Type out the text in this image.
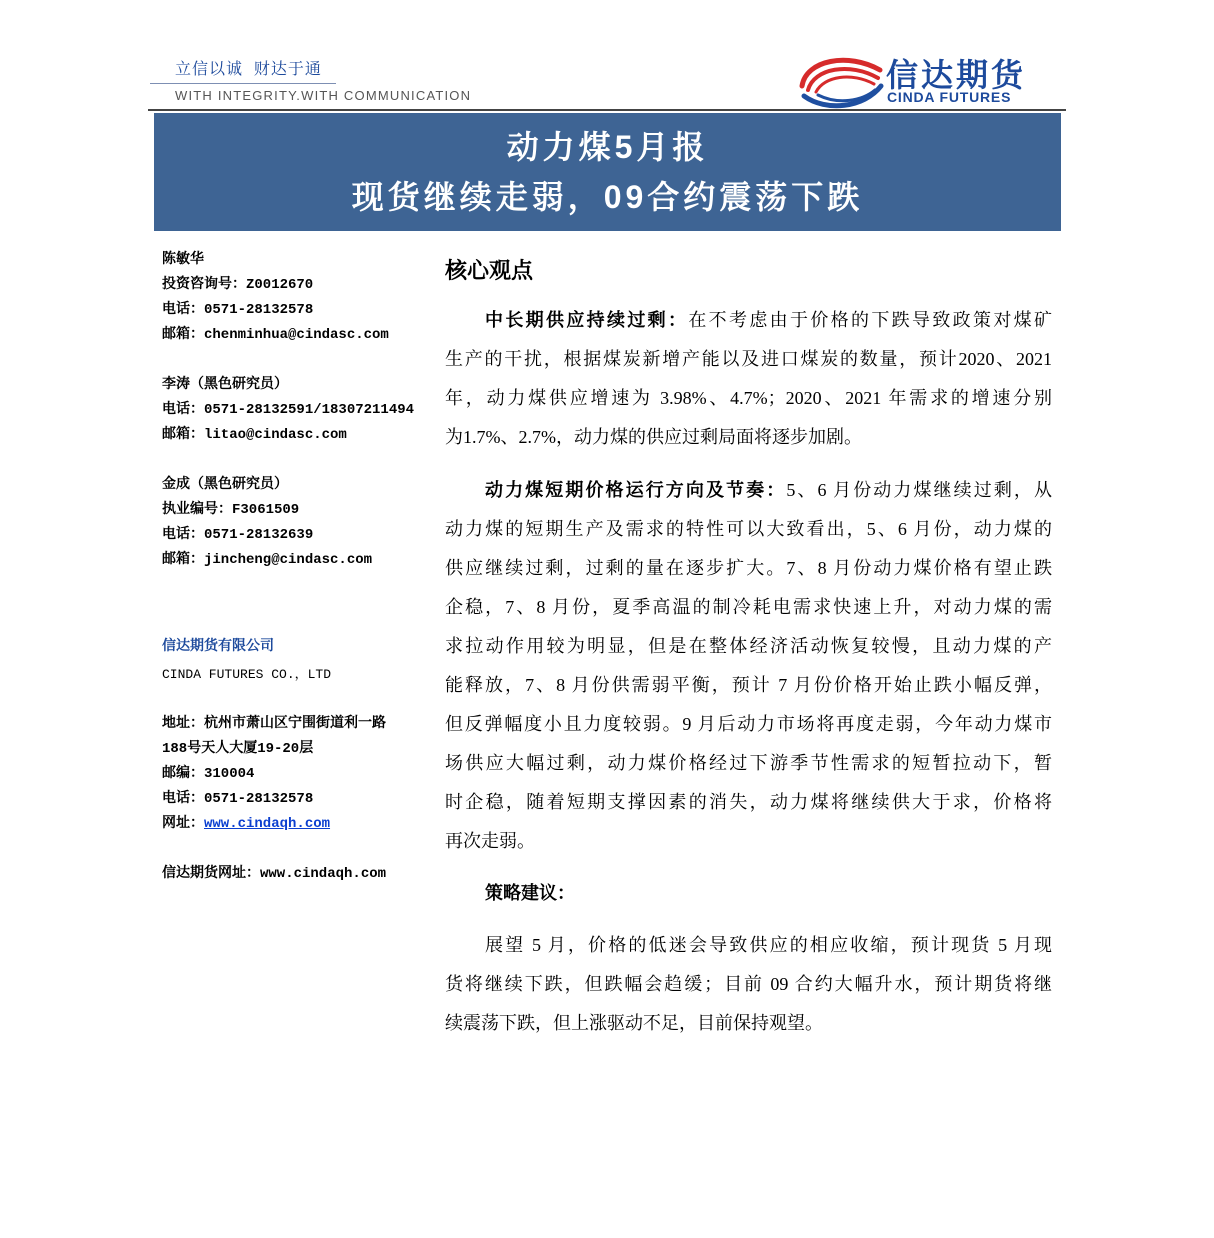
立信以诚  财达于通
WITH INTEGRITY.WITH COMMUNICATION
信达期货
CINDA FUTURES
动力煤5月报
现货继续走弱，09合约震荡下跌
陈敏华
投资咨询号：Z0012670
电话：0571-28132578
邮箱：chenminhua@cindasc.com
李涛（黑色研究员）
电话：0571-28132591/18307211494
邮箱：litao@cindasc.com
金成（黑色研究员）
执业编号：F3061509
电话：0571-28132639
邮箱：jincheng@cindasc.com
信达期货有限公司
CINDA FUTURES CO.，LTD
地址：杭州市萧山区宁围街道利一路
188号天人大厦19-20层
邮编：310004
电话：0571-28132578
网址：www.cindaqh.com
信达期货网址：www.cindaqh.com
核心观点
中长期供应持续过剩：在不考虑由于价格的下跌导致政策对煤矿
生产的干扰，根据煤炭新增产能以及进口煤炭的数量，预计2020、2021
年，动力煤供应增速为 3.98%、4.7%；2020、2021 年需求的增速分别
为1.7%、2.7%，动力煤的供应过剩局面将逐步加剧。
动力煤短期价格运行方向及节奏：5、6 月份动力煤继续过剩，从
动力煤的短期生产及需求的特性可以大致看出，5、6 月份，动力煤的
供应继续过剩，过剩的量在逐步扩大。7、8 月份动力煤价格有望止跌
企稳，7、8 月份，夏季高温的制冷耗电需求快速上升，对动力煤的需
求拉动作用较为明显，但是在整体经济活动恢复较慢，且动力煤的产
能释放，7、8 月份供需弱平衡，预计 7 月份价格开始止跌小幅反弹，
但反弹幅度小且力度较弱。9 月后动力市场将再度走弱，今年动力煤市
场供应大幅过剩，动力煤价格经过下游季节性需求的短暂拉动下，暂
时企稳，随着短期支撑因素的消失，动力煤将继续供大于求，价格将
再次走弱。
策略建议：
展望 5 月，价格的低迷会导致供应的相应收缩，预计现货 5 月现
货将继续下跌，但跌幅会趋缓；目前 09 合约大幅升水，预计期货将继
续震荡下跌，但上涨驱动不足，目前保持观望。
